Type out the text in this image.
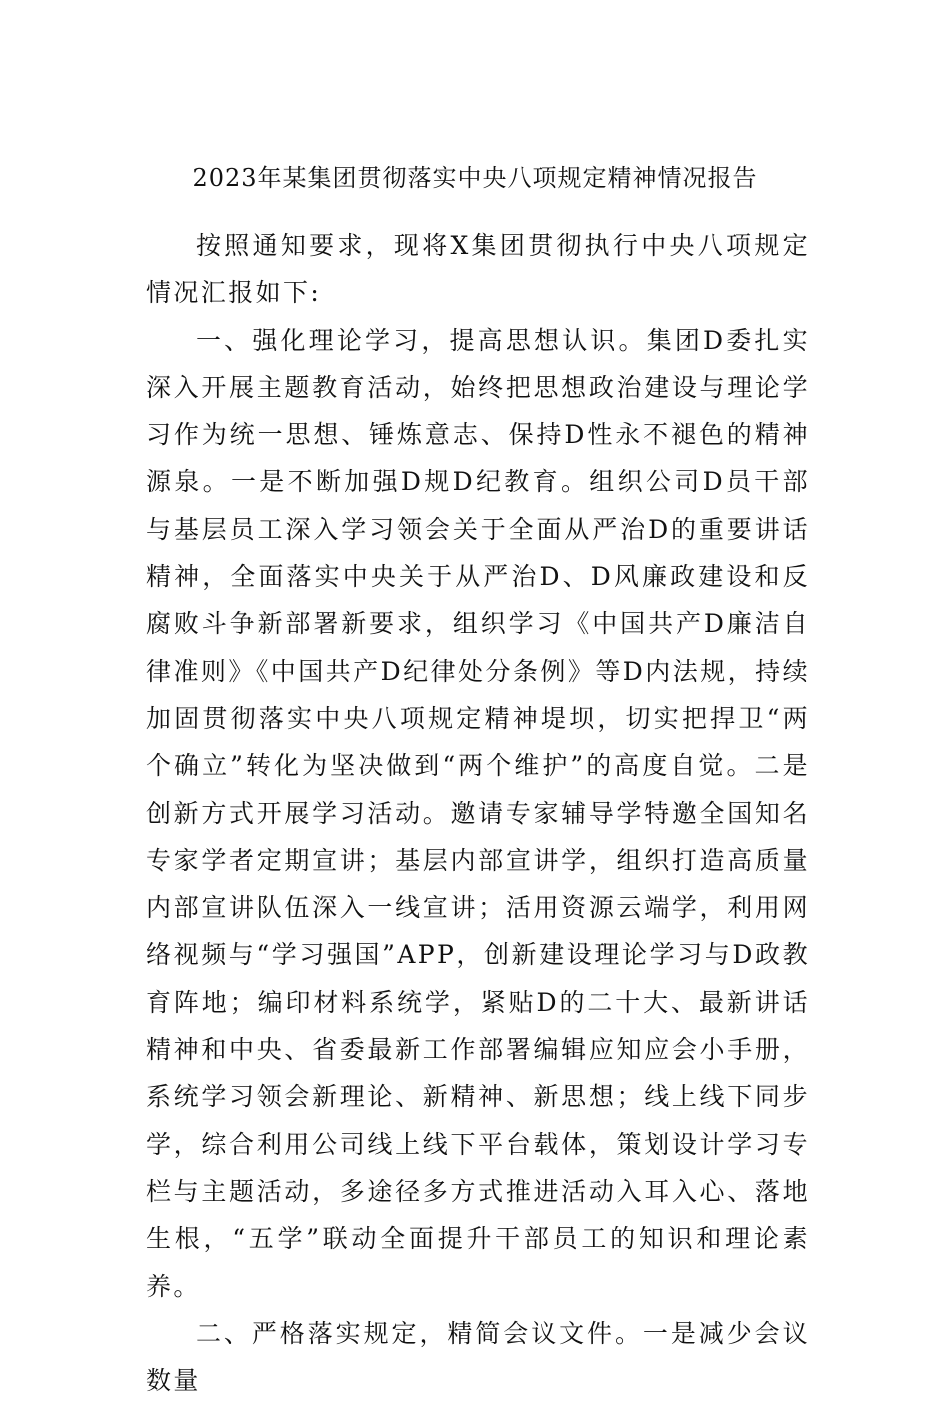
2023年某集团贯彻落实中央八项规定精神情况报告

按照通知要求，现将X集团贯彻执行中央八项规定情况汇报如下:

一、强化理论学习，提高思想认识。集团D委扎实深入开展主题教育活动，始终把思想政治建设与理论学习作为统一思想、锤炼意志、保持D性永不褪色的精神源泉。一是不断加强D规D纪教育。组织公司D员干部与基层员工深入学习领会关于全面从严治D的重要讲话精神，全面落实中央关于从严治D、D风廉政建设和反腐败斗争新部署新要求，组织学习《中国共产D廉洁自律准则》《中国共产D纪律处分条例》等D内法规，持续加固贯彻落实中央八项规定精神堤坝，切实把捍卫“两个确立”转化为坚决做到“两个维护”的高度自觉。二是创新方式开展学习活动。邀请专家辅导学特邀全国知名专家学者定期宣讲；基层内部宣讲学，组织打造高质量内部宣讲队伍深入一线宣讲；活用资源云端学，利用网络视频与“学习强国”APP，创新建设理论学习与D政教育阵地；编印材料系统学，紧贴D的二十大、最新讲话精神和中央、省委最新工作部署编辑应知应会小手册，系统学习领会新理论、新精神、新思想；线上线下同步学，综合利用公司线上线下平台载体，策划设计学习专栏与主题活动，多途径多方式推进活动入耳入心、落地生根，“五学”联动全面提升干部员工的知识和理论素养。

二、严格落实规定，精简会议文件。一是减少会议数量
